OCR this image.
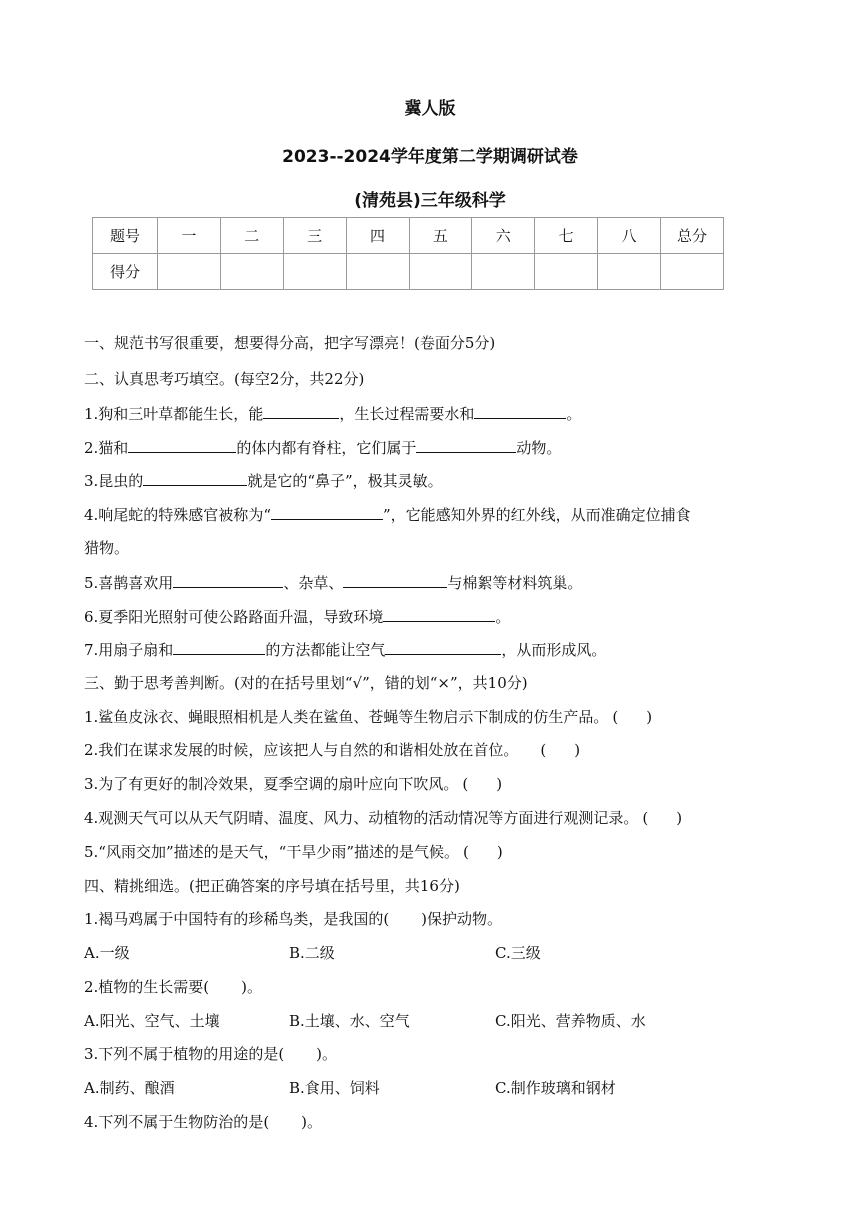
冀人版
2023--2024学年度第二学期调研试卷
(清苑县)三年级科学
题号	一	二	三	四	五	六	七	八	总分
得分									
一、规范书写很重要，想要得分高，把字写漂亮！(卷面分5分)
二、认真思考巧填空。(每空2分，共22分)
1.狗和三叶草都能生长，能	，生长过程需要水和	。
2.猫和	的体内都有脊柱，它们属于	动物。
3.昆虫的	就是它的“鼻子”，极其灵敏。
4.响尾蛇的特殊感官被称为“	”，它能感知外界的红外线，从而准确定位捕食
猎物。
5.喜鹊喜欢用	、杂草、	与棉絮等材料筑巢。
6.夏季阳光照射可使公路路面升温，导致环境	。
7.用扇子扇和	的方法都能让空气	，从而形成风。
三、勤于思考善判断。(对的在括号里划“√”，错的划“×”，共10分)
1.鲨鱼皮泳衣、蝇眼照相机是人类在鲨鱼、苍蝇等生物启示下制成的仿生产品。 ( )
2.我们在谋求发展的时候，应该把人与自然的和谐相处放在首位。 ( )
3.为了有更好的制冷效果，夏季空调的扇叶应向下吹风。 ( )
4.观测天气可以从天气阴晴、温度、风力、动植物的活动情况等方面进行观测记录。 ( )
5.“风雨交加”描述的是天气，“干旱少雨”描述的是气候。 ( )
四、精挑细选。(把正确答案的序号填在括号里，共16分)
1.褐马鸡属于中国特有的珍稀鸟类，是我国的( )保护动物。
A.一级	B.二级	C.三级
2.植物的生长需要( )。
A.阳光、空气、土壤	B.土壤、水、空气	C.阳光、营养物质、水
3.下列不属于植物的用途的是( )。
A.制药、酿酒	B.食用、饲料	C.制作玻璃和钢材
4.下列不属于生物防治的是( )。
